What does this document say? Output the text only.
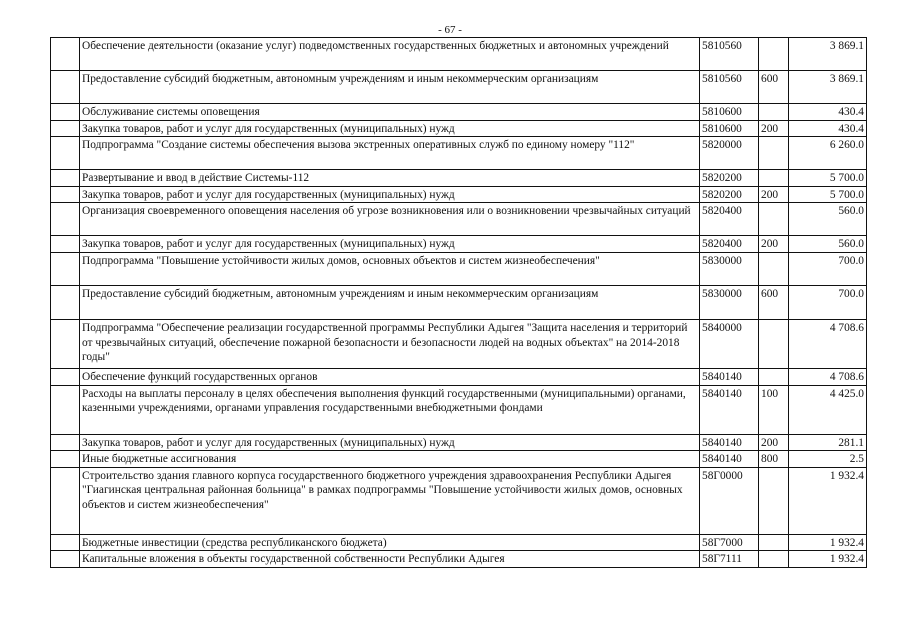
- 67 -
	Обеспечение деятельности (оказание услуг) подведомственных государственных бюджетных и автономных учреждений	5810560		3 869.1
	Предоставление субсидий бюджетным, автономным учреждениям и иным некоммерческим организациям	5810560	600	3 869.1
	Обслуживание системы оповещения	5810600		430.4
	Закупка товаров, работ и услуг для государственных (муниципальных) нужд	5810600	200	430.4
	Подпрограмма "Создание системы обеспечения вызова экстренных оперативных служб по единому номеру "112"	5820000		6 260.0
	Развертывание и ввод в действие Системы-112	5820200		5 700.0
	Закупка товаров, работ и услуг для государственных (муниципальных) нужд	5820200	200	5 700.0
	Организация своевременного оповещения населения об угрозе возникновения или о возникновении чрезвычайных ситуаций	5820400		560.0
	Закупка товаров, работ и услуг для государственных (муниципальных) нужд	5820400	200	560.0
	Подпрограмма "Повышение устойчивости жилых домов, основных объектов и систем жизнеобеспечения"	5830000		700.0
	Предоставление субсидий бюджетным, автономным учреждениям и иным некоммерческим организациям	5830000	600	700.0
	Подпрограмма "Обеспечение реализации государственной программы Республики Адыгея "Защита населения и территорий от чрезвычайных ситуаций, обеспечение пожарной безопасности и безопасности людей на водных объектах" на 2014-2018 годы"	5840000		4 708.6
	Обеспечение функций государственных органов	5840140		4 708.6
	Расходы на выплаты персоналу в целях обеспечения выполнения функций государственными (муниципальными) органами, казенными учреждениями, органами управления государственными внебюджетными фондами	5840140	100	4 425.0
	Закупка товаров, работ и услуг для государственных (муниципальных) нужд	5840140	200	281.1
	Иные бюджетные ассигнования	5840140	800	2.5
	Строительство здания главного корпуса государственного бюджетного учреждения здравоохранения Республики Адыгея "Гиагинская центральная районная больница" в рамках подпрограммы "Повышение устойчивости жилых домов, основных объектов и систем жизнеобеспечения"	58Г0000		1 932.4
	Бюджетные инвестиции (средства республиканского бюджета)	58Г7000		1 932.4
	Капитальные вложения в объекты государственной собственности Республики Адыгея	58Г7111		1 932.4
